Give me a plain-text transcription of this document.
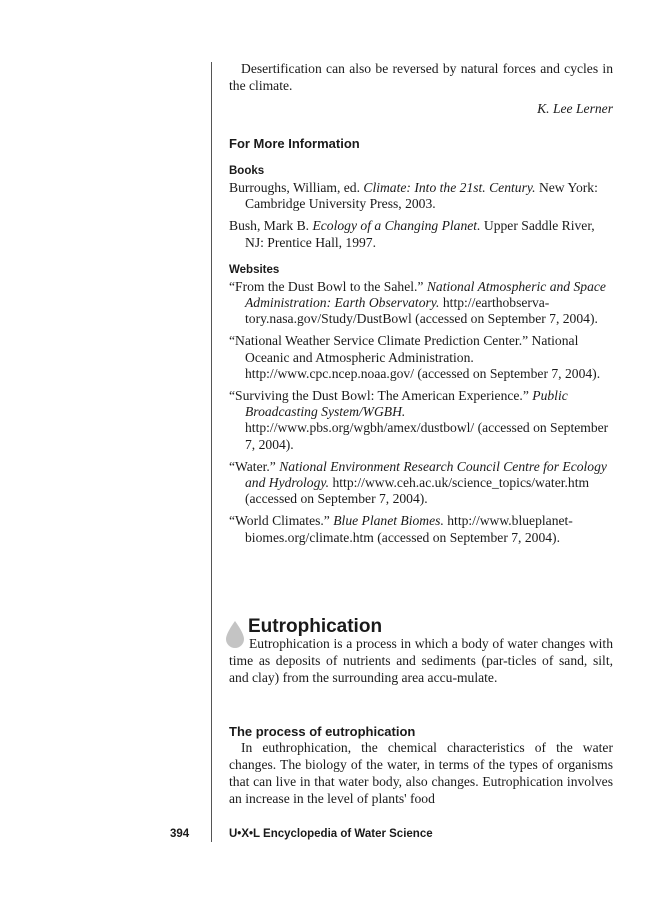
Desertification can also be reversed by natural forces and cycles in the climate.

K. Lee Lerner

For More Information
Books

Burroughs, William, ed. Climate: Into the 21st. Century. New York: Cambridge University Press, 2003.

Bush, Mark B. Ecology of a Changing Planet. Upper Saddle River, NJ: Prentice Hall, 1997.

Websites

“From the Dust Bowl to the Sahel.” National Atmospheric and Space Administration: Earth Observatory. http://earthobserva-tory.nasa.gov/Study/DustBowl (accessed on September 7, 2004).

“National Weather Service Climate Prediction Center.” National Oceanic and Atmospheric Administration. http://www.cpc.ncep.noaa.gov/ (accessed on September 7, 2004).

“Surviving the Dust Bowl: The American Experience.” Public Broadcasting System/WGBH. http://www.pbs.org/wgbh/amex/dustbowl/ (accessed on September 7, 2004).

“Water.” National Environment Research Council Centre for Ecology and Hydrology. http://www.ceh.ac.uk/science_topics/water.htm (accessed on September 7, 2004).

“World Climates.” Blue Planet Biomes. http://www.blueplanet-biomes.org/climate.htm (accessed on September 7, 2004).

Eutrophication

Eutrophication is a process in which a body of water changes with time as deposits of nutrients and sediments (par-ticles of sand, silt, and clay) from the surrounding area accu-mulate.

The process of eutrophication

In euthrophication, the chemical characteristics of the water changes. The biology of the water, in terms of the types of organisms that can live in that water body, also changes. Eutrophication involves an increase in the level of plants' food

394	U•X•L Encyclopedia of Water Science
